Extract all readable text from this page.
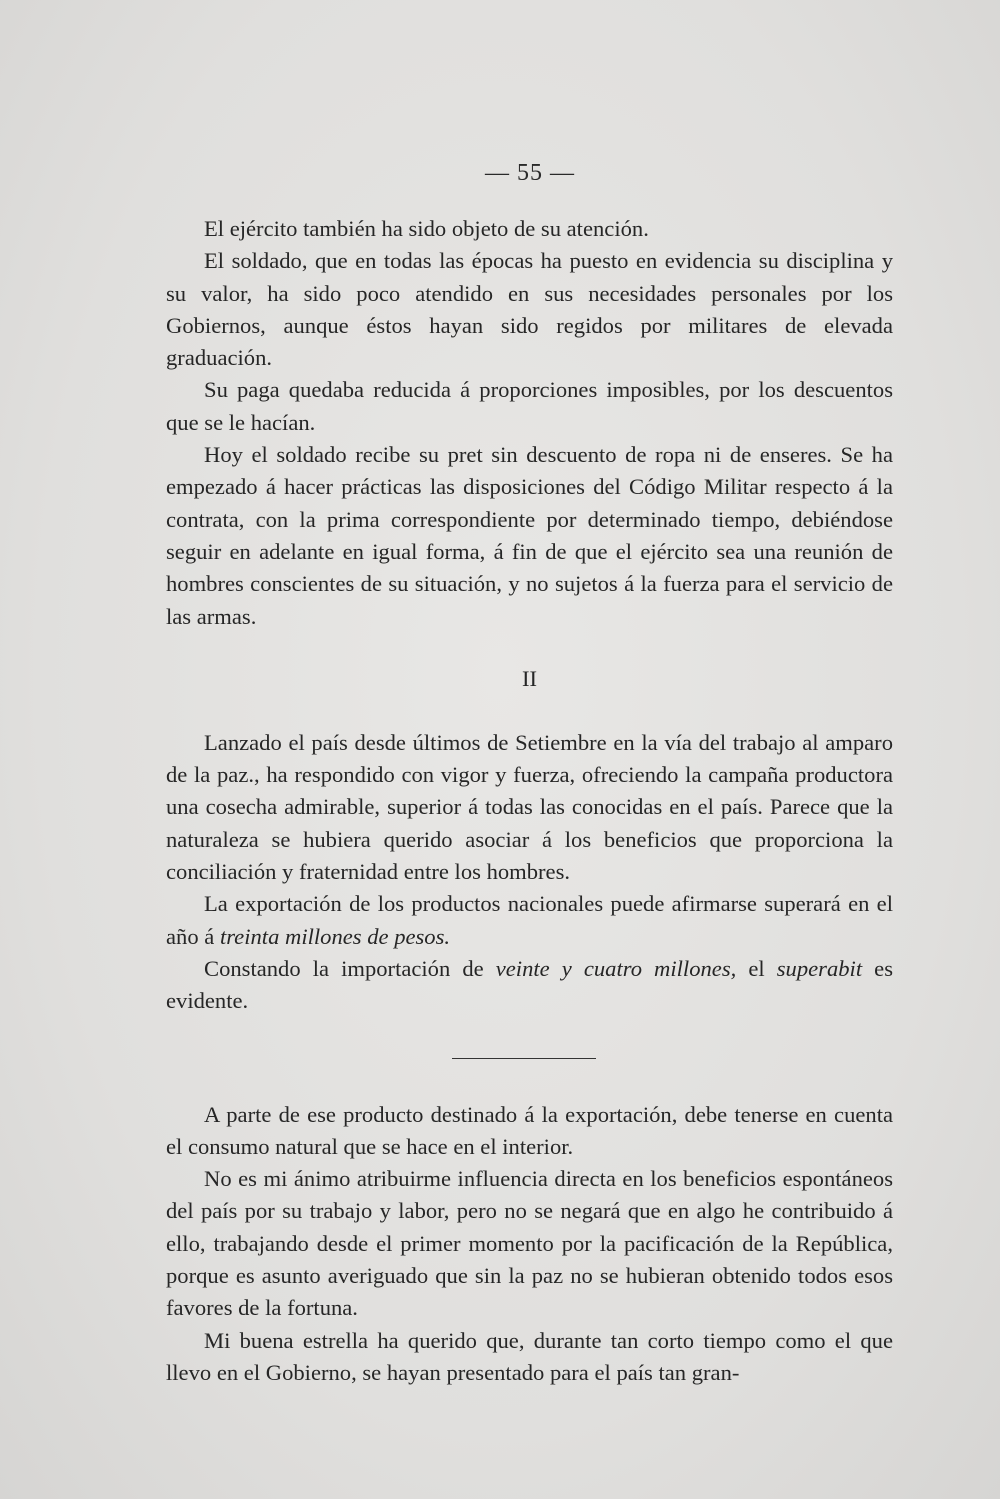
— 55 —

El ejército también ha sido objeto de su atención.

El soldado, que en todas las épocas ha puesto en evidencia su disciplina y su valor, ha sido poco atendido en sus necesidades personales por los Gobiernos, aunque éstos hayan sido regidos por militares de elevada graduación.

Su paga quedaba reducida á proporciones imposibles, por los descuentos que se le hacían.

Hoy el soldado recibe su pret sin descuento de ropa ni de enseres. Se ha empezado á hacer prácticas las disposiciones del Código Militar respecto á la contrata, con la prima correspondiente por determinado tiempo, debiéndose seguir en adelante en igual forma, á fin de que el ejército sea una reunión de hombres conscientes de su situación, y no sujetos á la fuerza para el servicio de las armas.

II

Lanzado el país desde últimos de Setiembre en la vía del trabajo al amparo de la paz., ha respondido con vigor y fuerza, ofreciendo la campaña productora una cosecha admirable, superior á todas las conocidas en el país. Parece que la naturaleza se hubiera querido asociar á los beneficios que proporciona la conciliación y fraternidad entre los hombres.

La exportación de los productos nacionales puede afirmarse superará en el año á treinta millones de pesos.

Constando la importación de veinte y cuatro millones, el superabit es evidente.

A parte de ese producto destinado á la exportación, debe tenerse en cuenta el consumo natural que se hace en el interior.

No es mi ánimo atribuirme influencia directa en los beneficios espontáneos del país por su trabajo y labor, pero no se negará que en algo he contribuido á ello, trabajando desde el primer momento por la pacificación de la República, porque es asunto averiguado que sin la paz no se hubieran obtenido todos esos favores de la fortuna.

Mi buena estrella ha querido que, durante tan corto tiempo como el que llevo en el Gobierno, se hayan presentado para el país tan gran-
